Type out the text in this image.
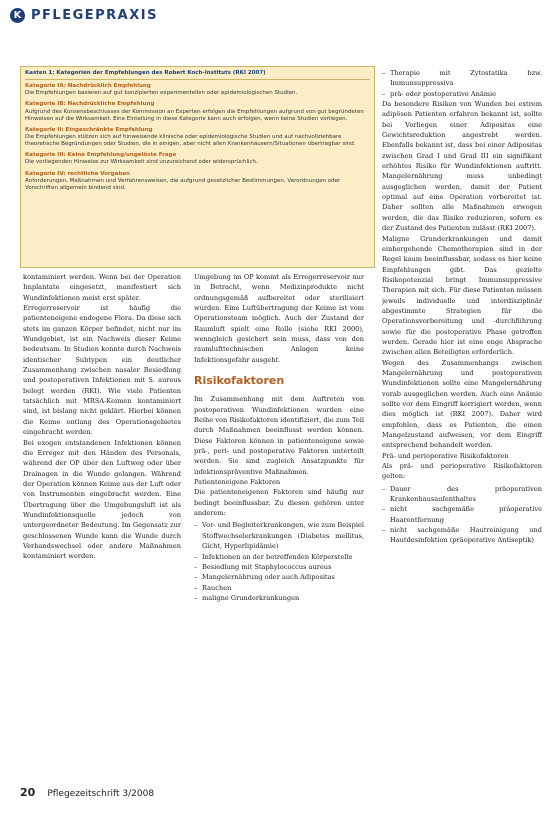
K PFLEGEPRAXIS
Kasten 1: Kategorien der Empfehlungen des Robert Koch-Instituts (RKI 2007)
Kategorie IA: Nachdrücklich Empfehlung
Die Empfehlungen basieren auf gut konzipierten experimentellen oder epidemiologischen Studien.
Kategorie IB: Nachdrückliche Empfehlung
Aufgrund des Konsensbeschlusses der Kommission an Experten erfolgen die Empfehlungen aufgrund von gut begründeten Hinweisen auf die Wirksamkeit. Eine Einteilung in diese Kategorie kann auch erfolgen, wenn keine Studien vorliegen.
Kategorie II: Eingeschränkte Empfehlung
Die Empfehlungen stützen sich auf hinweisende klinische oder epidemiologische Studien und auf nachvollziehbare theoretische Begründungen oder Studien, die in einigen, aber nicht allen Krankenhäusern/Situationen übertragbar sind.
Kategorie III: Keine Empfehlung/ungelöste Frage
Die vorliegenden Hinweise zur Wirksamkeit sind unzureichend oder widersprüchlich.
Kategorie IV: rechtliche Vorgaben
Anforderungen, Maßnahmen und Verfahrensweisen, die aufgrund gesetzlicher Bestimmungen, Verordnungen oder Vorschriften allgemein bindend sind.

kontaminiert werden. Wenn bei der Operation Implantate eingesetzt, manifestiert sich Wundinfektionen meist erst später.

Erregerreservoir ist häufig die patienteneigene endogene Flora. Da diese sich stets im ganzen Körper befindet, nicht nur im Wundgebiet, ist ein Nachweis dieser Keime bedeutsam. In Studien konnte durch Nachweis identischer Subtypen ein deutlicher Zusammenhang zwischen nasaler Besiedlung und postoperativen Infektionen mit S. aureus belegt werden (RKI). Wie viele Patienten tatsächlich mit MRSA-Keimen kontaminiert sind, ist bislang nicht geklärt. Hierbei können die Keime entlang des Operationsgebietes eingebracht werden.

Bei exogen entstandenen Infektionen können die Erreger mit den Händen des Personals, während der OP über den Luftweg oder über Drainagen in die Wunde gelangen. Während der Operation können Keime aus der Luft oder von Instrumenten eingebracht werden. Eine Übertragung über die Umgebungsluft ist als Wundinfektionsquelle jedoch von untergeordneter Bedeutung. Im Gegensatz zur geschlossenen Wunde kann die Wunde durch Verbandswechsel oder andere Maßnahmen kontaminiert werden.

Umgebung im OP kommt als Erregerreservoir nur in Betracht, wenn Medizinprodukte nicht ordnungsgemäß aufbereitet oder sterilisiert wurden. Eine Luftübertragung der Keime ist vom Operationsteam möglich. Auch der Zustand der Raumluft spielt eine Rolle (siehe RKI 2000), wenngleich gesichert sein muss, dass von den raumlufttechnischen Anlagen keine Infektionsgefahr ausgeht.

Risikofaktoren

Im Zusammenhang mit dem Auftreten von postoperativen Wundinfektionen wurden eine Reihe von Risikofaktoren identifiziert, die zum Teil durch Maßnahmen beeinflusst werden können. Diese Faktoren können in patienteneigene sowie prä-, peri- und postoperative Faktoren unterteilt werden. Sie sind zugleich Ansatzpunkte für infektionspräventive Maßnahmen.

Patienteneigene Faktoren

Die patienteneigenen Faktoren sind häufig nur bedingt beeinflussbar. Zu diesen gehören unter anderem:

– Vor- und Begleiterkrankungen, wie zum Beispiel Stoffwechselerkrankungen (Diabetes mellitus, Gicht, Hyperlipidämie)
– Infektionen an der betreffenden Körperstelle
– Besiedlung mit Staphylococcus aureus
– Mangelernährung oder auch Adipositas
– Rauchen
– maligne Grunderkrankungen
– Therapie mit Zytostatika bzw. Immunsuppressiva
– prä- oder postoperative Anämie

Da besondere Risiken von Wunden bei extrem adipösen Patienten erfahren bekannt ist, sollte bei Vorliegen einer Adipositas eine Gewichtsreduktion angestrebt werden. Ebenfalls bekannt ist, dass bei einer Adipositas zwischen Grad I und Grad III ein signifikant erhöhtes Risiko für Wundinfektionen auftritt. Mangelernährung muss unbedingt ausgeglichen werden, damit der Patient optimal auf eine Operation vorbereitet ist. Daher sollten alle Maßnahmen erwogen werden, die das Risiko reduzieren, sofern es der Zustand des Patienten zulässt (RKI 2007).

Maligne Grunderkrankungen und damit einhergehende Chemotherapien sind in der Regel kaum beeinflussbar, sodass es hier keine Empfehlungen gibt. Das gezielte Risikopotenzial bringt Immunsuppressive Therapien mit sich. Für diese Patienten müssen jeweils individuelle und interdisziplinär abgestimmte Strategien für die Operationsvorbereitung und -durchführung sowie für die postoperative Phase getroffen werden. Gerade hier ist eine enge Absprache zwischen allen Beteiligten erforderlich.

Wegen des Zusammenhangs zwischen Mangelernährung und postoperativen Wundinfektionen sollte eine Mangelernährung vorab ausgeglichen werden. Auch eine Anämie sollte vor dem Eingriff korrigiert werden, wenn dies möglich ist (RKI 2007). Daher wird empfohlen, dass es Patienten, die einen Mangelzustand aufweisen, vor dem Eingriff entsprechend behandelt werden.

Prä- und perioperative Risikofaktoren

Als prä- und perioperative Risikofaktoren gelten:

– Dauer des präoperativen Krankenhausaufenthaltes
– nicht sachgemäße präoperative Haarentfernung
– nicht sachgemäße Hautreinigung und Hautdesinfektion (präoperative Antiseptik)
20 Pflegezeitschrift 3/2008
